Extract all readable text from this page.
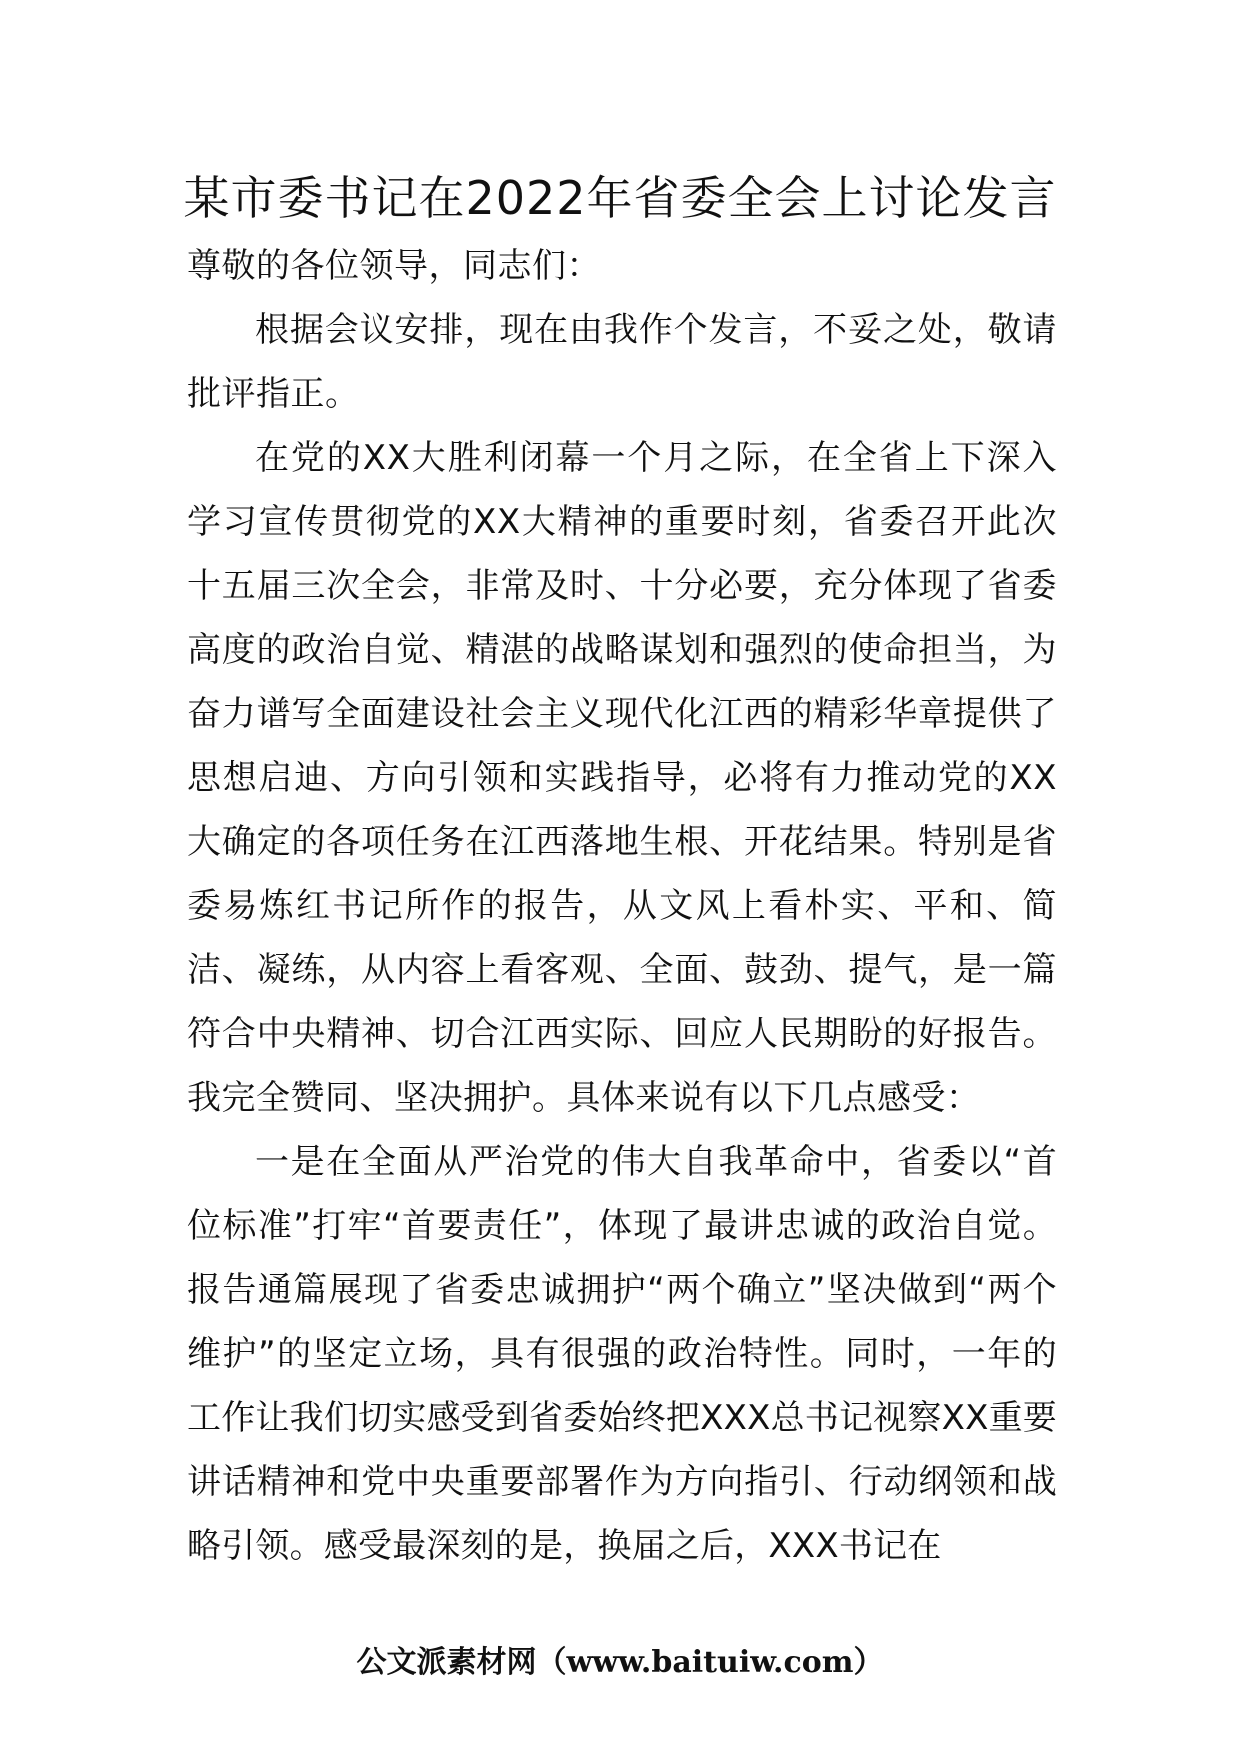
某市委书记在2022年省委全会上讨论发言

尊敬的各位领导，同志们：

根据会议安排，现在由我作个发言，不妥之处，敬请批评指正。

在党的XX大胜利闭幕一个月之际，在全省上下深入学习宣传贯彻党的XX大精神的重要时刻，省委召开此次十五届三次全会，非常及时、十分必要，充分体现了省委高度的政治自觉、精湛的战略谋划和强烈的使命担当，为奋力谱写全面建设社会主义现代化江西的精彩华章提供了思想启迪、方向引领和实践指导，必将有力推动党的XX大确定的各项任务在江西落地生根、开花结果。特别是省委易炼红书记所作的报告，从文风上看朴实、平和、简洁、凝练，从内容上看客观、全面、鼓劲、提气，是一篇符合中央精神、切合江西实际、回应人民期盼的好报告。我完全赞同、坚决拥护。具体来说有以下几点感受：

一是在全面从严治党的伟大自我革命中，省委以“首位标准”打牢“首要责任”，体现了最讲忠诚的政治自觉。报告通篇展现了省委忠诚拥护“两个确立”坚决做到“两个维护”的坚定立场，具有很强的政治特性。同时，一年的工作让我们切实感受到省委始终把XXX总书记视察XX重要讲话精神和党中央重要部署作为方向指引、行动纲领和战略引领。感受最深刻的是，换届之后，XXX书记在

公文派素材网（www.baituiw.com）
